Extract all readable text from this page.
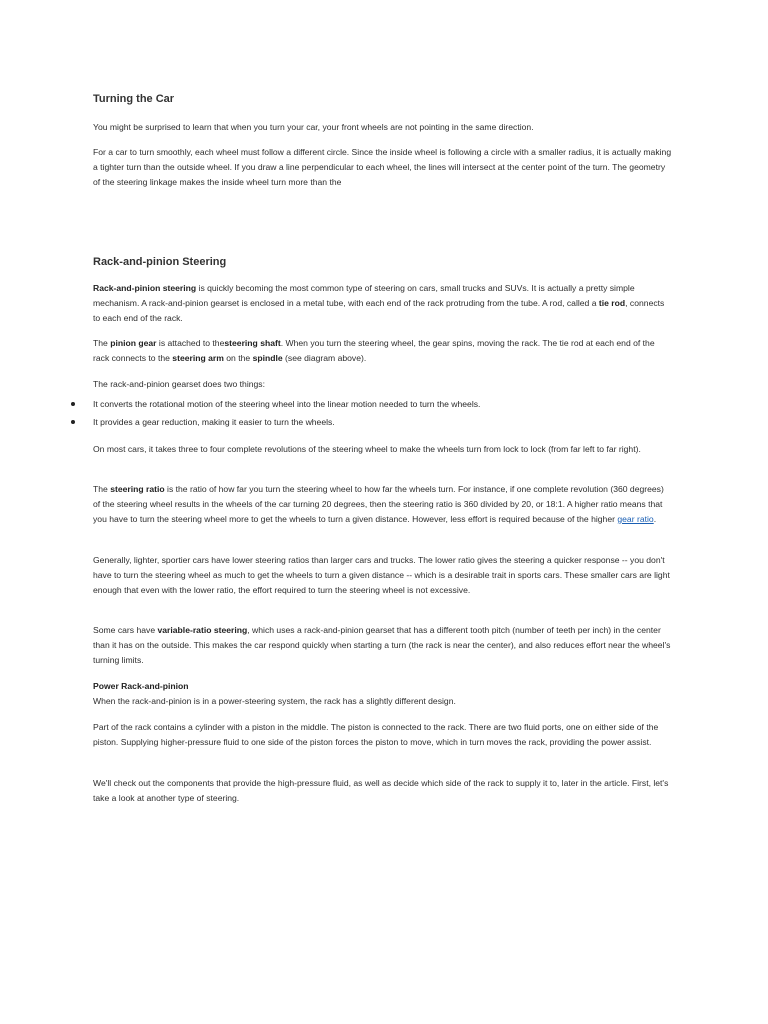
Turning the Car

You might be surprised to learn that when you turn your car, your front wheels are not pointing in the same direction.

For a car to turn smoothly, each wheel must follow a different circle. Since the inside wheel is following a circle with a smaller radius, it is actually making a tighter turn than the outside wheel. If you draw a line perpendicular to each wheel, the lines will intersect at the center point of the turn. The geometry of the steering linkage makes the inside wheel turn more than the

Rack-and-pinion Steering

Rack-and-pinion steering is quickly becoming the most common type of steering on cars, small trucks and SUVs. It is actually a pretty simple mechanism. A rack-and-pinion gearset is enclosed in a metal tube, with each end of the rack protruding from the tube. A rod, called a tie rod, connects to each end of the rack.

The pinion gear is attached to thesteering shaft. When you turn the steering wheel, the gear spins, moving the rack. The tie rod at each end of the rack connects to the steering arm on the spindle (see diagram above).

The rack-and-pinion gearset does two things:

It converts the rotational motion of the steering wheel into the linear motion needed to turn the wheels.
It provides a gear reduction, making it easier to turn the wheels.

On most cars, it takes three to four complete revolutions of the steering wheel to make the wheels turn from lock to lock (from far left to far right).

The steering ratio is the ratio of how far you turn the steering wheel to how far the wheels turn. For instance, if one complete revolution (360 degrees) of the steering wheel results in the wheels of the car turning 20 degrees, then the steering ratio is 360 divided by 20, or 18:1. A higher ratio means that you have to turn the steering wheel more to get the wheels to turn a given distance. However, less effort is required because of the higher gear ratio.

Generally, lighter, sportier cars have lower steering ratios than larger cars and trucks. The lower ratio gives the steering a quicker response -- you don't have to turn the steering wheel as much to get the wheels to turn a given distance -- which is a desirable trait in sports cars. These smaller cars are light enough that even with the lower ratio, the effort required to turn the steering wheel is not excessive.

Some cars have variable-ratio steering, which uses a rack-and-pinion gearset that has a different tooth pitch (number of teeth per inch) in the center than it has on the outside. This makes the car respond quickly when starting a turn (the rack is near the center), and also reduces effort near the wheel's turning limits.

Power Rack-and-pinion
When the rack-and-pinion is in a power-steering system, the rack has a slightly different design.

Part of the rack contains a cylinder with a piston in the middle. The piston is connected to the rack. There are two fluid ports, one on either side of the piston. Supplying higher-pressure fluid to one side of the piston forces the piston to move, which in turn moves the rack, providing the power assist.

We'll check out the components that provide the high-pressure fluid, as well as decide which side of the rack to supply it to, later in the article. First, let's take a look at another type of steering.
